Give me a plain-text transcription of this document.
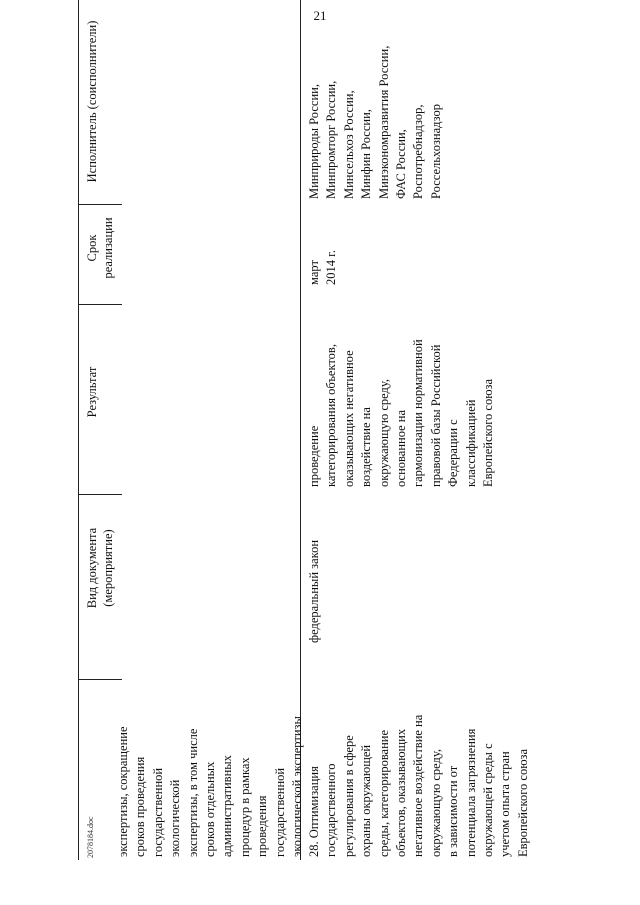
21
Вид документа (мероприятие)
Результат
Срок реализации
Исполнитель (соисполнители)
экспертизы, сокращение
сроков проведения
государственной
экологической
экспертизы, в том числе
сроков отдельных
административных
процедур в рамках
проведения
государственной
экологической экспертизы
28. Оптимизация
государственного
регулирования в сфере
охраны окружающей
среды, категорирование
объектов, оказывающих
негативное воздействие на
окружающую среду,
в зависимости от
потенциала загрязнения
окружающей среды с
учетом опыта стран
Европейского союза
федеральный закон
проведение
категорирования объектов,
оказывающих негативное
воздействие на
окружающую среду,
основанное на
гармонизации нормативной
правовой базы Российской
Федерации с
классификацией
Европейского союза
март
2014 г.
Минприроды России,
Минпромторг России,
Минсельхоз России,
Минфин России,
Минэкономразвития России,
ФАС России,
Роспотребнадзор,
Россельхознадзор
2078184.doc
